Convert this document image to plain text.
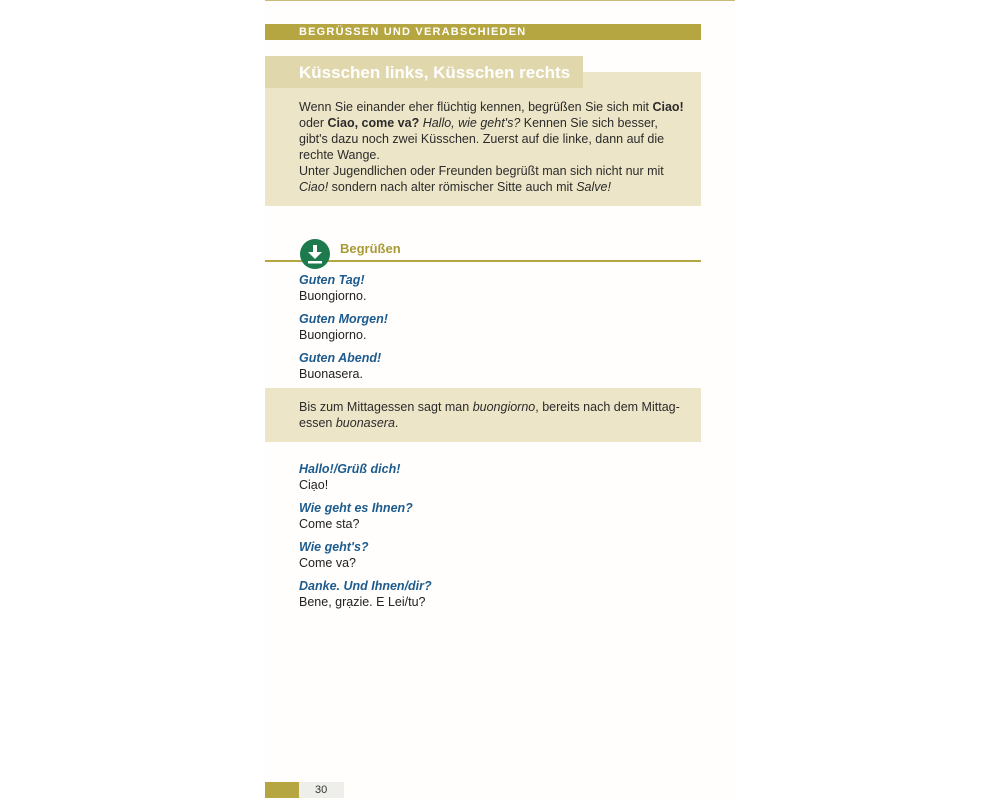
BEGRÜSSEN UND VERABSCHIEDEN
Küsschen links, Küsschen rechts
Wenn Sie einander eher flüchtig kennen, begrüßen Sie sich mit Ciao! oder Ciao, come va? Hallo, wie geht's? Kennen Sie sich besser, gibt's dazu noch zwei Küsschen. Zuerst auf die linke, dann auf die rechte Wange.
Unter Jugendlichen oder Freunden begrüßt man sich nicht nur mit Ciao! sondern nach alter römischer Sitte auch mit Salve!
Begrüßen
Guten Tag!
Buongiorno.
Guten Morgen!
Buongiorno.
Guten Abend!
Buonasera.
Bis zum Mittagessen sagt man buongiorno, bereits nach dem Mittag-
essen buonasera.
Hallo!/Grüß dich!
Ciạo!
Wie geht es Ihnen?
Come sta?
Wie geht's?
Come va?
Danke. Und Ihnen/dir?
Bene, grạzie. E Lei/tu?
30
